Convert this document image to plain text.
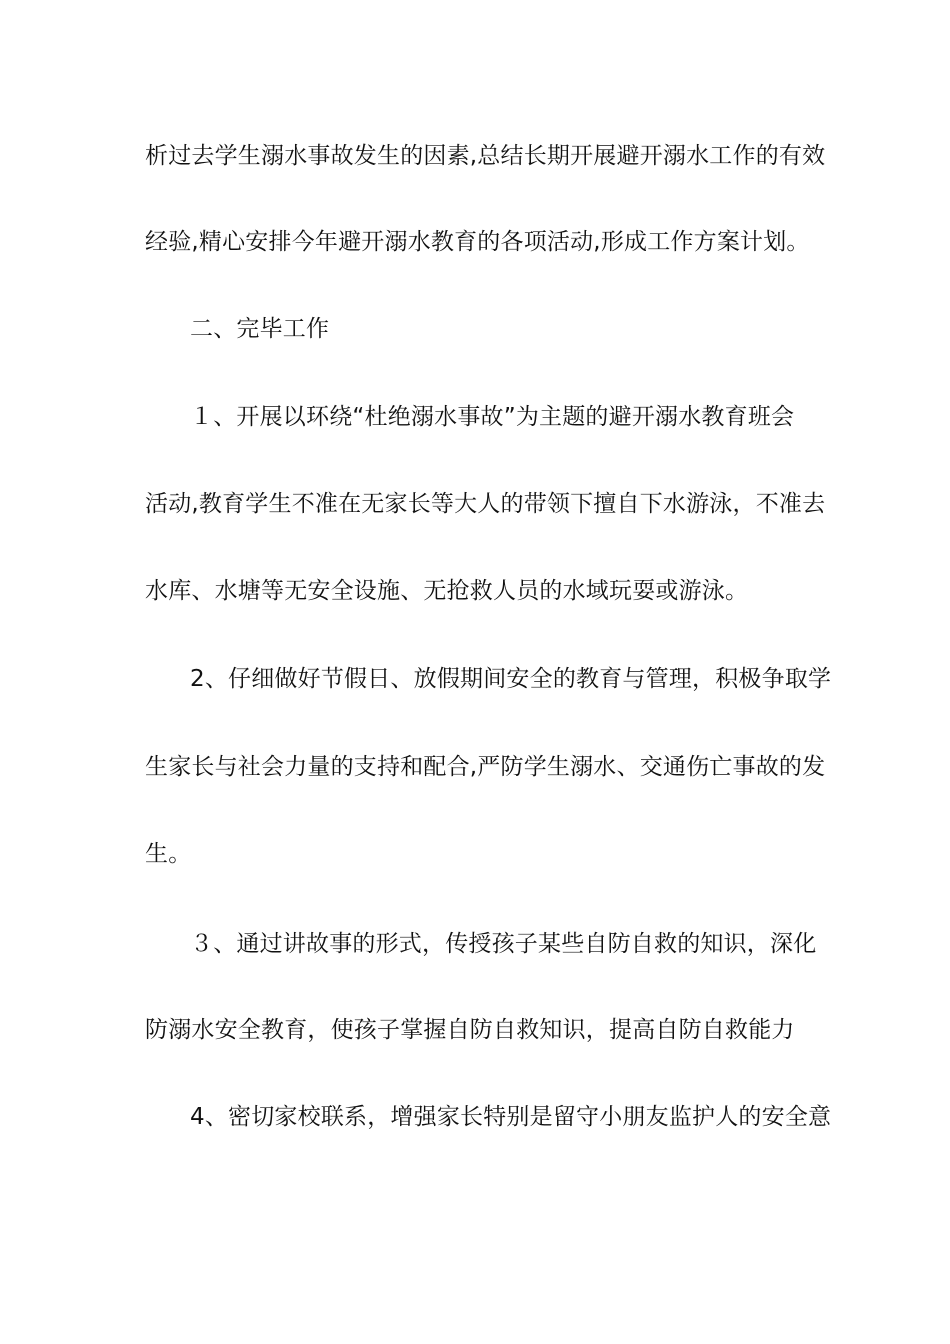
析过去学生溺水事故发生的因素,总结长期开展避开溺水工作的有效
经验,精心安排今年避开溺水教育的各项活动,形成工作方案计划。
二、完毕工作
１、开展以环绕“杜绝溺水事故”为主题的避开溺水教育班会
活动,教育学生不准在无家长等大人的带领下擅自下水游泳，不准去
水库、水塘等无安全设施、无抢救人员的水域玩耍或游泳。
2、仔细做好节假日、放假期间安全的教育与管理，积极争取学
生家长与社会力量的支持和配合,严防学生溺水、交通伤亡事故的发
生。
３、通过讲故事的形式，传授孩子某些自防自救的知识，深化
防溺水安全教育，使孩子掌握自防自救知识，提高自防自救能力
4、密切家校联系，增强家长特别是留守小朋友监护人的安全意
